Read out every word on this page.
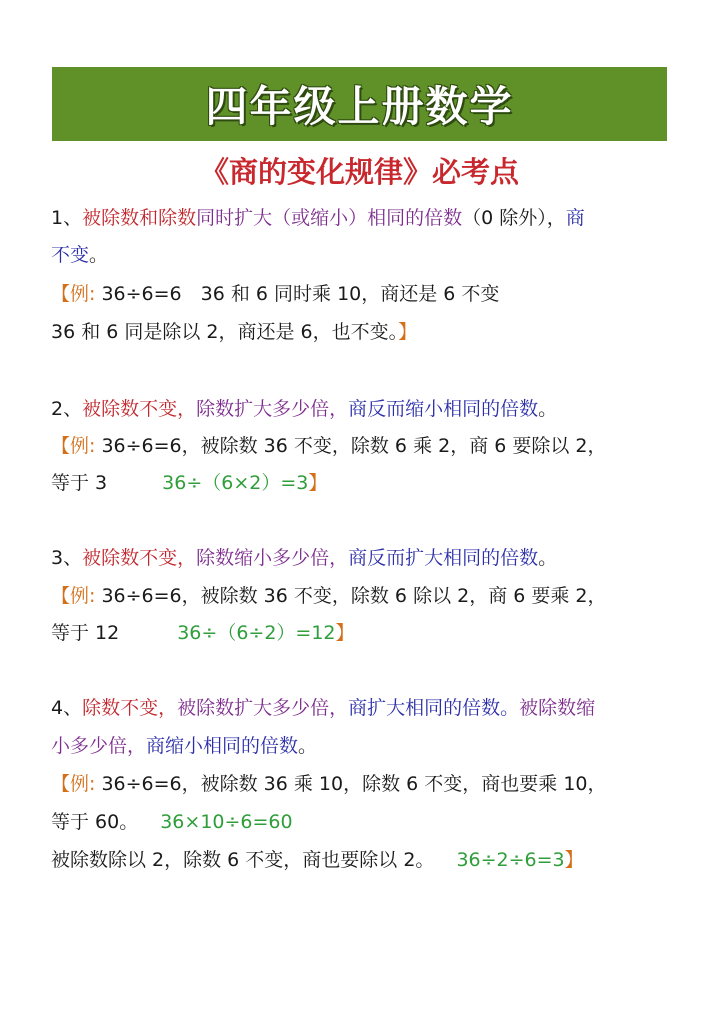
四年级上册数学
《商的变化规律》必考点
1、被除数和除数同时扩大（或缩小）相同的倍数（0 除外），商
不变。
【例: 36÷6=6　36 和 6 同时乘 10，商还是 6 不变
36 和 6 同是除以 2，商还是 6，也不变。】
2、被除数不变，除数扩大多少倍，商反而缩小相同的倍数。
【例: 36÷6=6，被除数 36 不变，除数 6 乘 2，商 6 要除以 2，
等于 3	36÷（6×2）=3】
3、被除数不变，除数缩小多少倍，商反而扩大相同的倍数。
【例: 36÷6=6，被除数 36 不变，除数 6 除以 2，商 6 要乘 2，
等于 12	36÷（6÷2）=12】
4、除数不变，被除数扩大多少倍，商扩大相同的倍数。被除数缩
小多少倍，商缩小相同的倍数。
【例: 36÷6=6，被除数 36 乘 10，除数 6 不变，商也要乘 10，
等于 60。 36×10÷6=60
被除数除以 2，除数 6 不变，商也要除以 2。 36÷2÷6=3】
